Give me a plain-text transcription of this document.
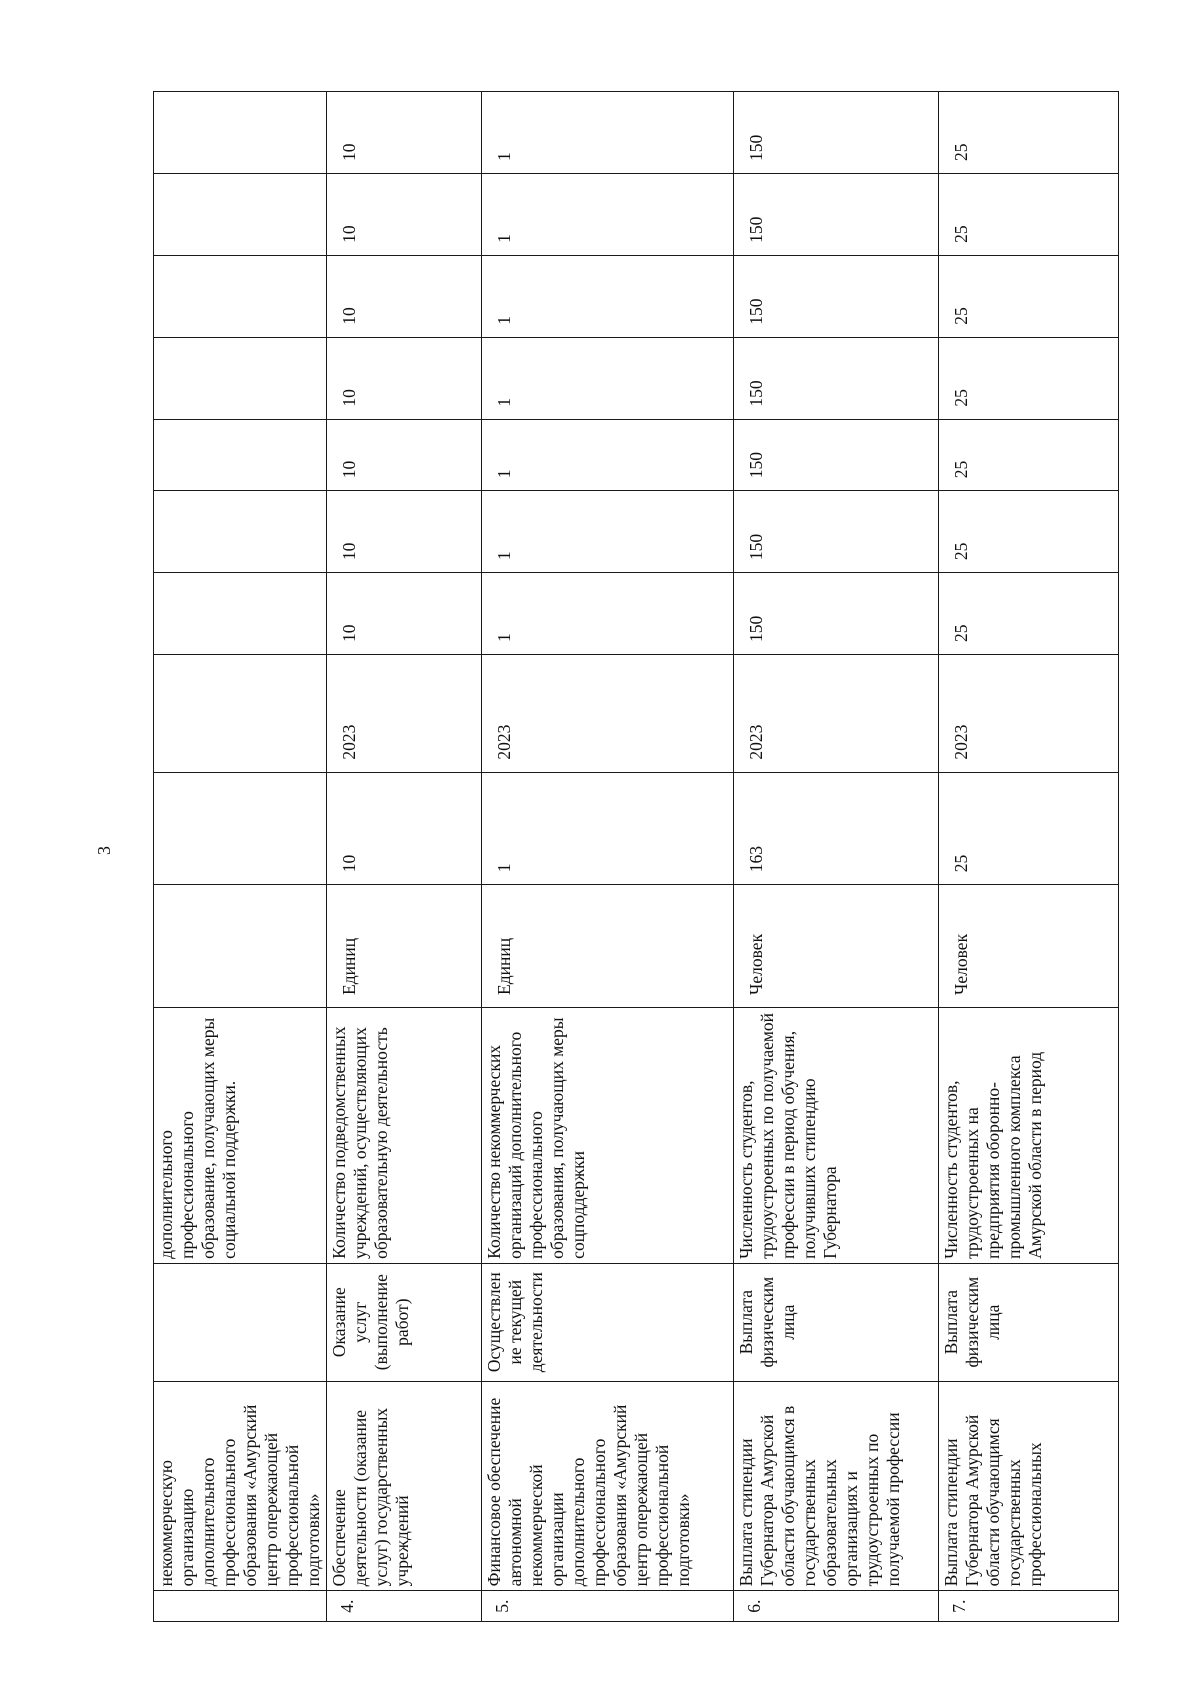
3
	некоммерческую организацию дополнительного профессионального образования «Амурский центр опережающей профессиональной подготовки»		дополнительного профессионального образование, получающих меры социальной поддержки.										
4.	Обеспечение деятельности (оказание услуг) государственных учреждений	Оказание услуг (выполнение работ)	Количество подведомственных учреждений, осуществляющих образовательную деятельность	Единиц	10	2023	10	10	10	10	10	10	10
5.	Финансовое обеспечение автономной некоммерческой организации дополнительного профессионального образования «Амурский центр опережающей профессиональной подготовки»	Осуществление текущей деятельности	Количество некоммерческих организаций дополнительного профессионального образования, получающих меры соцподдержки	Единиц	1	2023	1	1	1	1	1	1	1
6.	Выплата стипендии Губернатора Амурской области обучающимся в государственных образовательных организациях и трудоустроенных по получаемой профессии	Выплата физическим лица	Численность студентов, трудоустроенных по получаемой профессии в период обучения, получивших стипендию Губернатора	Человек	163	2023	150	150	150	150	150	150	150
7.	Выплата стипендии Губернатора Амурской области обучающимся государственных профессиональных	Выплата физическим лица	Численность студентов, трудоустроенных на предприятия оборонно-промышленного комплекса Амурской области в период	Человек	25	2023	25	25	25	25	25	25	25
